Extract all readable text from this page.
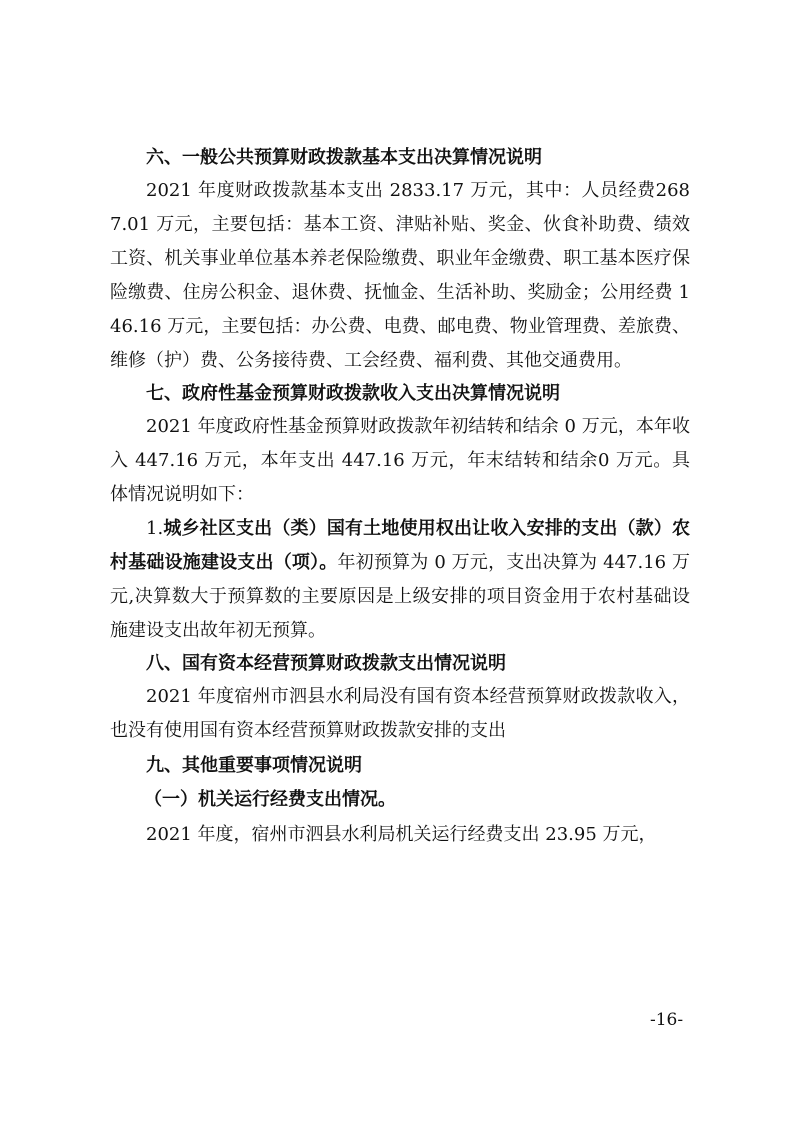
六、一般公共预算财政拨款基本支出决算情况说明

2021 年度财政拨款基本支出 2833.17 万元，其中：人员经费2687.01 万元，主要包括：基本工资、津贴补贴、奖金、伙食补助费、绩效工资、机关事业单位基本养老保险缴费、职业年金缴费、职工基本医疗保险缴费、住房公积金、退休费、抚恤金、生活补助、奖励金；公用经费 146.16 万元，主要包括：办公费、电费、邮电费、物业管理费、差旅费、维修（护）费、公务接待费、工会经费、福利费、其他交通费用。

七、政府性基金预算财政拨款收入支出决算情况说明

2021 年度政府性基金预算财政拨款年初结转和结余 0 万元，本年收入 447.16 万元，本年支出 447.16 万元，年末结转和结余0 万元。具体情况说明如下：

1.城乡社区支出（类）国有土地使用权出让收入安排的支出（款）农村基础设施建设支出（项）。年初预算为 0 万元，支出决算为 447.16 万元,决算数大于预算数的主要原因是上级安排的项目资金用于农村基础设施建设支出故年初无预算。

八、国有资本经营预算财政拨款支出情况说明

2021 年度宿州市泗县水利局没有国有资本经营预算财政拨款收入，也没有使用国有资本经营预算财政拨款安排的支出

九、其他重要事项情况说明

（一）机关运行经费支出情况。

2021 年度，宿州市泗县水利局机关运行经费支出 23.95 万元，

-16-
